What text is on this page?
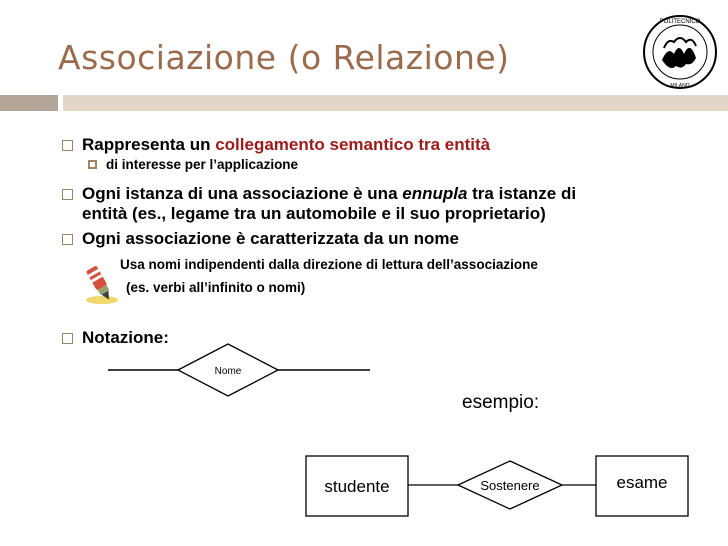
Associazione (o Relazione)
POLITECNICO
MILANO
Rappresenta un collegamento semantico tra entità
di interesse per l’applicazione
Ogni istanza di una associazione è una ennupla tra istanze di
entità (es., legame tra un automobile e il suo proprietario)
Ogni associazione è caratterizzata da un nome
Usa nomi indipendenti dalla direzione di lettura dell’associazione
(es. verbi all’infinito o nomi)
Notazione:
Nome
esempio:
studente	Sostenere	esame
